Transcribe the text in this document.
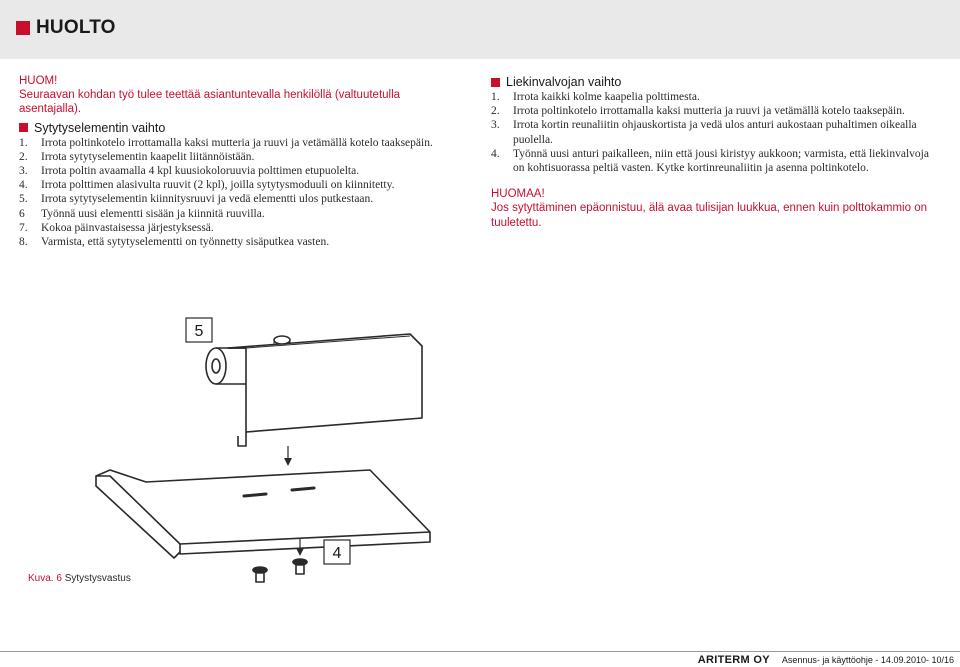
HUOLTO
HUOM!
Seuraavan kohdan työ tulee teettää asiantuntevalla henkilöllä (valtuutetulla asentajalla).
Sytytyselementin vaihto
1.	Irrota poltinkotelo irrottamalla kaksi mutteria ja ruuvi ja vetämällä kotelo taaksepäin.
2.	Irrota sytytyselementin kaapelit liitännöistään.
3.	Irrota poltin avaamalla 4 kpl kuusiokoloruuvia polttimen etupuolelta.
4.	Irrota polttimen alasivulta ruuvit (2 kpl), joilla sytytysmoduuli on kiinnitetty.
5.	Irrota sytytyselementin kiinnitysruuvi ja vedä elementti ulos putkestaan.
6	Työnnä uusi elementti sisään ja kiinnitä ruuvilla.
7.	Kokoa päinvastaisessa järjestyksessä.
8.	Varmista, että sytytyselementti on työnnetty sisäputkea vasten.
Liekinvalvojan vaihto
1.	Irrota kaikki kolme kaapelia polttimesta.
2.	Irrota poltinkotelo irrottamalla kaksi mutteria ja ruuvi ja vetämällä kotelo taaksepäin.
3.	Irrota kortin reunaliitin ohjauskortista ja vedä ulos anturi aukostaan puhaltimen oikealla puolella.
4.	Työnnä uusi anturi paikalleen, niin että jousi kiristyy aukkoon; varmista, että liekinvalvoja on kohtisuorassa peltiä vasten. Kytke kortinreunaliitin ja asenna poltinkotelo.
HUOMAA!
Jos sytyttäminen epäonnistuu, älä avaa tulisijan luukkua, ennen kuin polttokammio on tuuletettu.
5
4
Kuva. 6 Sytystysvastus
ARITERM OY Asennus- ja käyttöohje - 14.09.2010- 10/16
